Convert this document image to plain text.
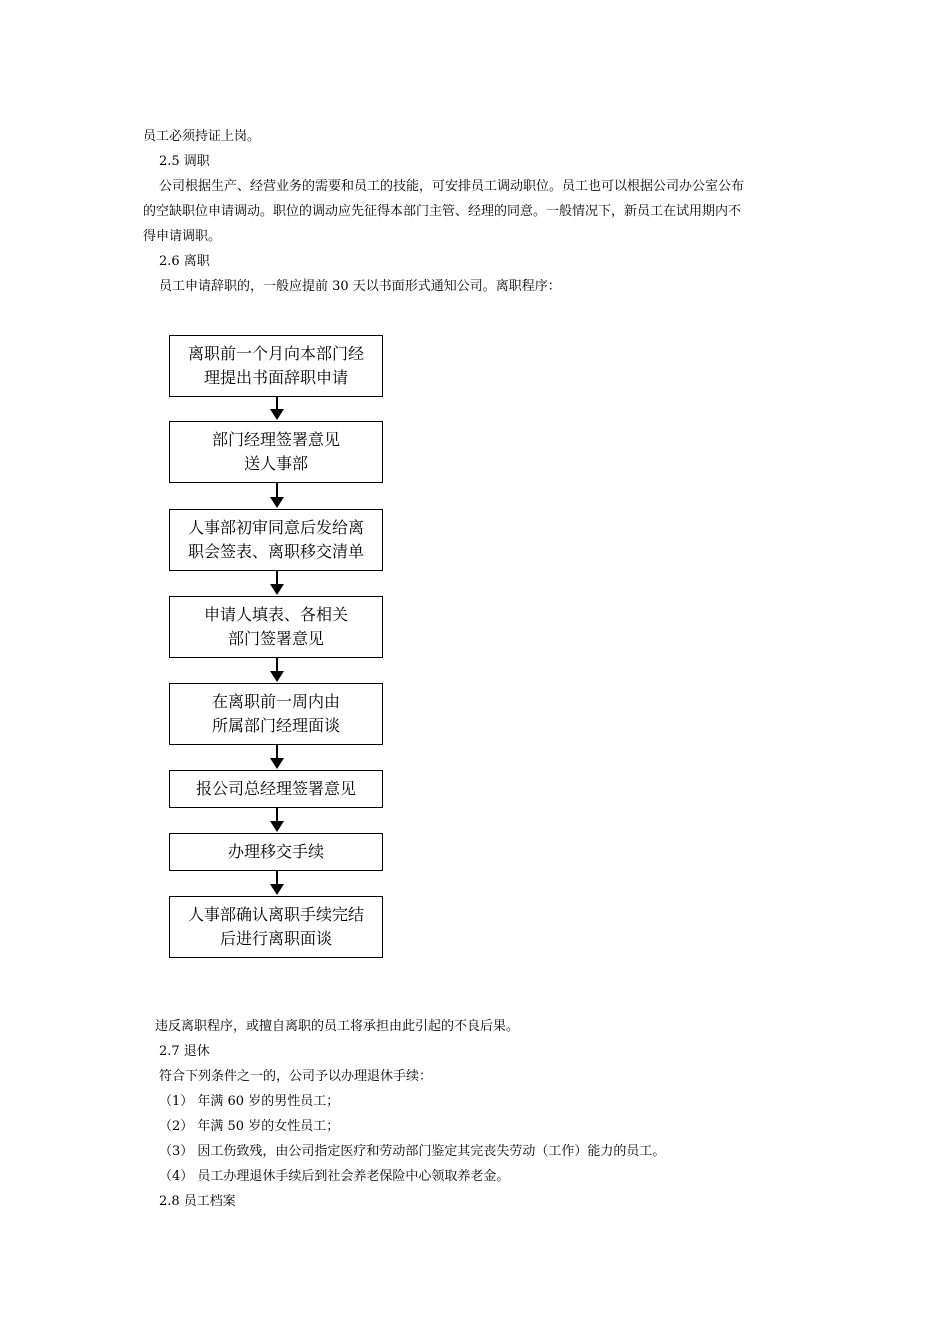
员工必须持证上岗。
2.5 调职
公司根据生产、经营业务的需要和员工的技能，可安排员工调动职位。员工也可以根据公司办公室公布
的空缺职位申请调动。职位的调动应先征得本部门主管、经理的同意。一般情况下，新员工在试用期内不
得申请调职。
2.6 离职
员工申请辞职的，一般应提前 30 天以书面形式通知公司。离职程序：
离职前一个月向本部门经
理提出书面辞职申请
部门经理签署意见
送人事部
人事部初审同意后发给离
职会签表、离职移交清单
申请人填表、各相关
部门签署意见
在离职前一周内由
所属部门经理面谈
报公司总经理签署意见
办理移交手续
人事部确认离职手续完结
后进行离职面谈
违反离职程序，或擅自离职的员工将承担由此引起的不良后果。
2.7 退休
符合下列条件之一的，公司予以办理退休手续：
（1） 年满 60 岁的男性员工；
（2） 年满 50 岁的女性员工；
（3） 因工伤致残，由公司指定医疗和劳动部门鉴定其完丧失劳动（工作）能力的员工。
（4） 员工办理退休手续后到社会养老保险中心领取养老金。
2.8 员工档案
